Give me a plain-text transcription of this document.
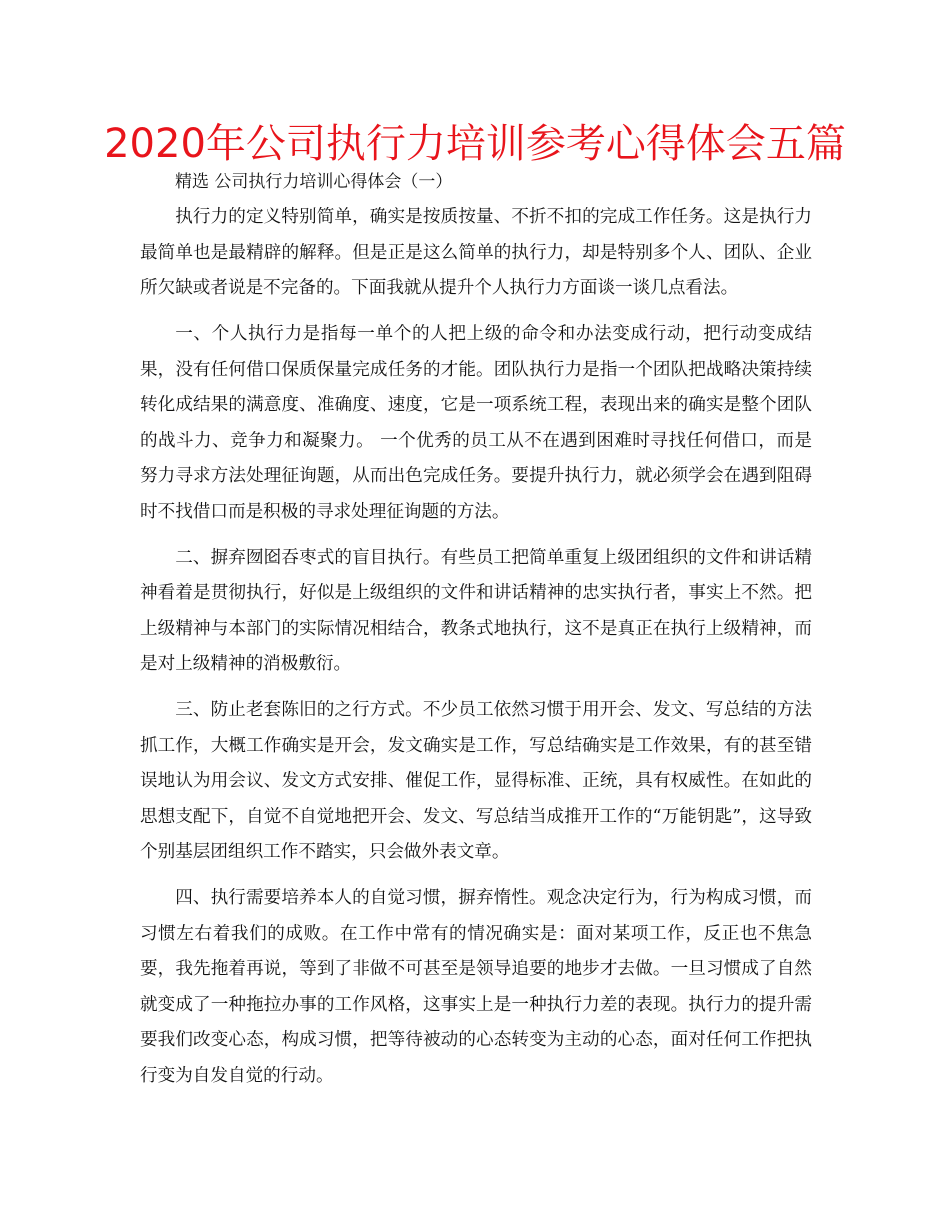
2020年公司执行力培训参考心得体会五篇
精选 公司执行力培训心得体会（一）

执行力的定义特别简单，确实是按质按量、不折不扣的完成工作任务。这是执行力最简单也是最精辟的解释。但是正是这么简单的执行力，却是特别多个人、团队、企业所欠缺或者说是不完备的。下面我就从提升个人执行力方面谈一谈几点看法。

一、个人执行力是指每一单个的人把上级的命令和办法变成行动，把行动变成结果，没有任何借口保质保量完成任务的才能。团队执行力是指一个团队把战略决策持续转化成结果的满意度、准确度、速度，它是一项系统工程，表现出来的确实是整个团队的战斗力、竞争力和凝聚力。 一个优秀的员工从不在遇到困难时寻找任何借口，而是努力寻求方法处理征询题，从而出色完成任务。要提升执行力，就必须学会在遇到阻碍时不找借口而是积极的寻求处理征询题的方法。

二、摒弃囫囵吞枣式的盲目执行。有些员工把简单重复上级团组织的文件和讲话精神看着是贯彻执行，好似是上级组织的文件和讲话精神的忠实执行者，事实上不然。把上级精神与本部门的实际情况相结合，教条式地执行，这不是真正在执行上级精神，而是对上级精神的消极敷衍。

三、防止老套陈旧的之行方式。不少员工依然习惯于用开会、发文、写总结的方法抓工作，大概工作确实是开会，发文确实是工作，写总结确实是工作效果，有的甚至错误地认为用会议、发文方式安排、催促工作，显得标准、正统，具有权威性。在如此的思想支配下，自觉不自觉地把开会、发文、写总结当成推开工作的“万能钥匙”，这导致个别基层团组织工作不踏实，只会做外表文章。

四、执行需要培养本人的自觉习惯，摒弃惰性。观念决定行为，行为构成习惯，而习惯左右着我们的成败。在工作中常有的情况确实是：面对某项工作，反正也不焦急要，我先拖着再说，等到了非做不可甚至是领导追要的地步才去做。一旦习惯成了自然就变成了一种拖拉办事的工作风格，这事实上是一种执行力差的表现。执行力的提升需要我们改变心态，构成习惯，把等待被动的心态转变为主动的心态，面对任何工作把执行变为自发自觉的行动。
